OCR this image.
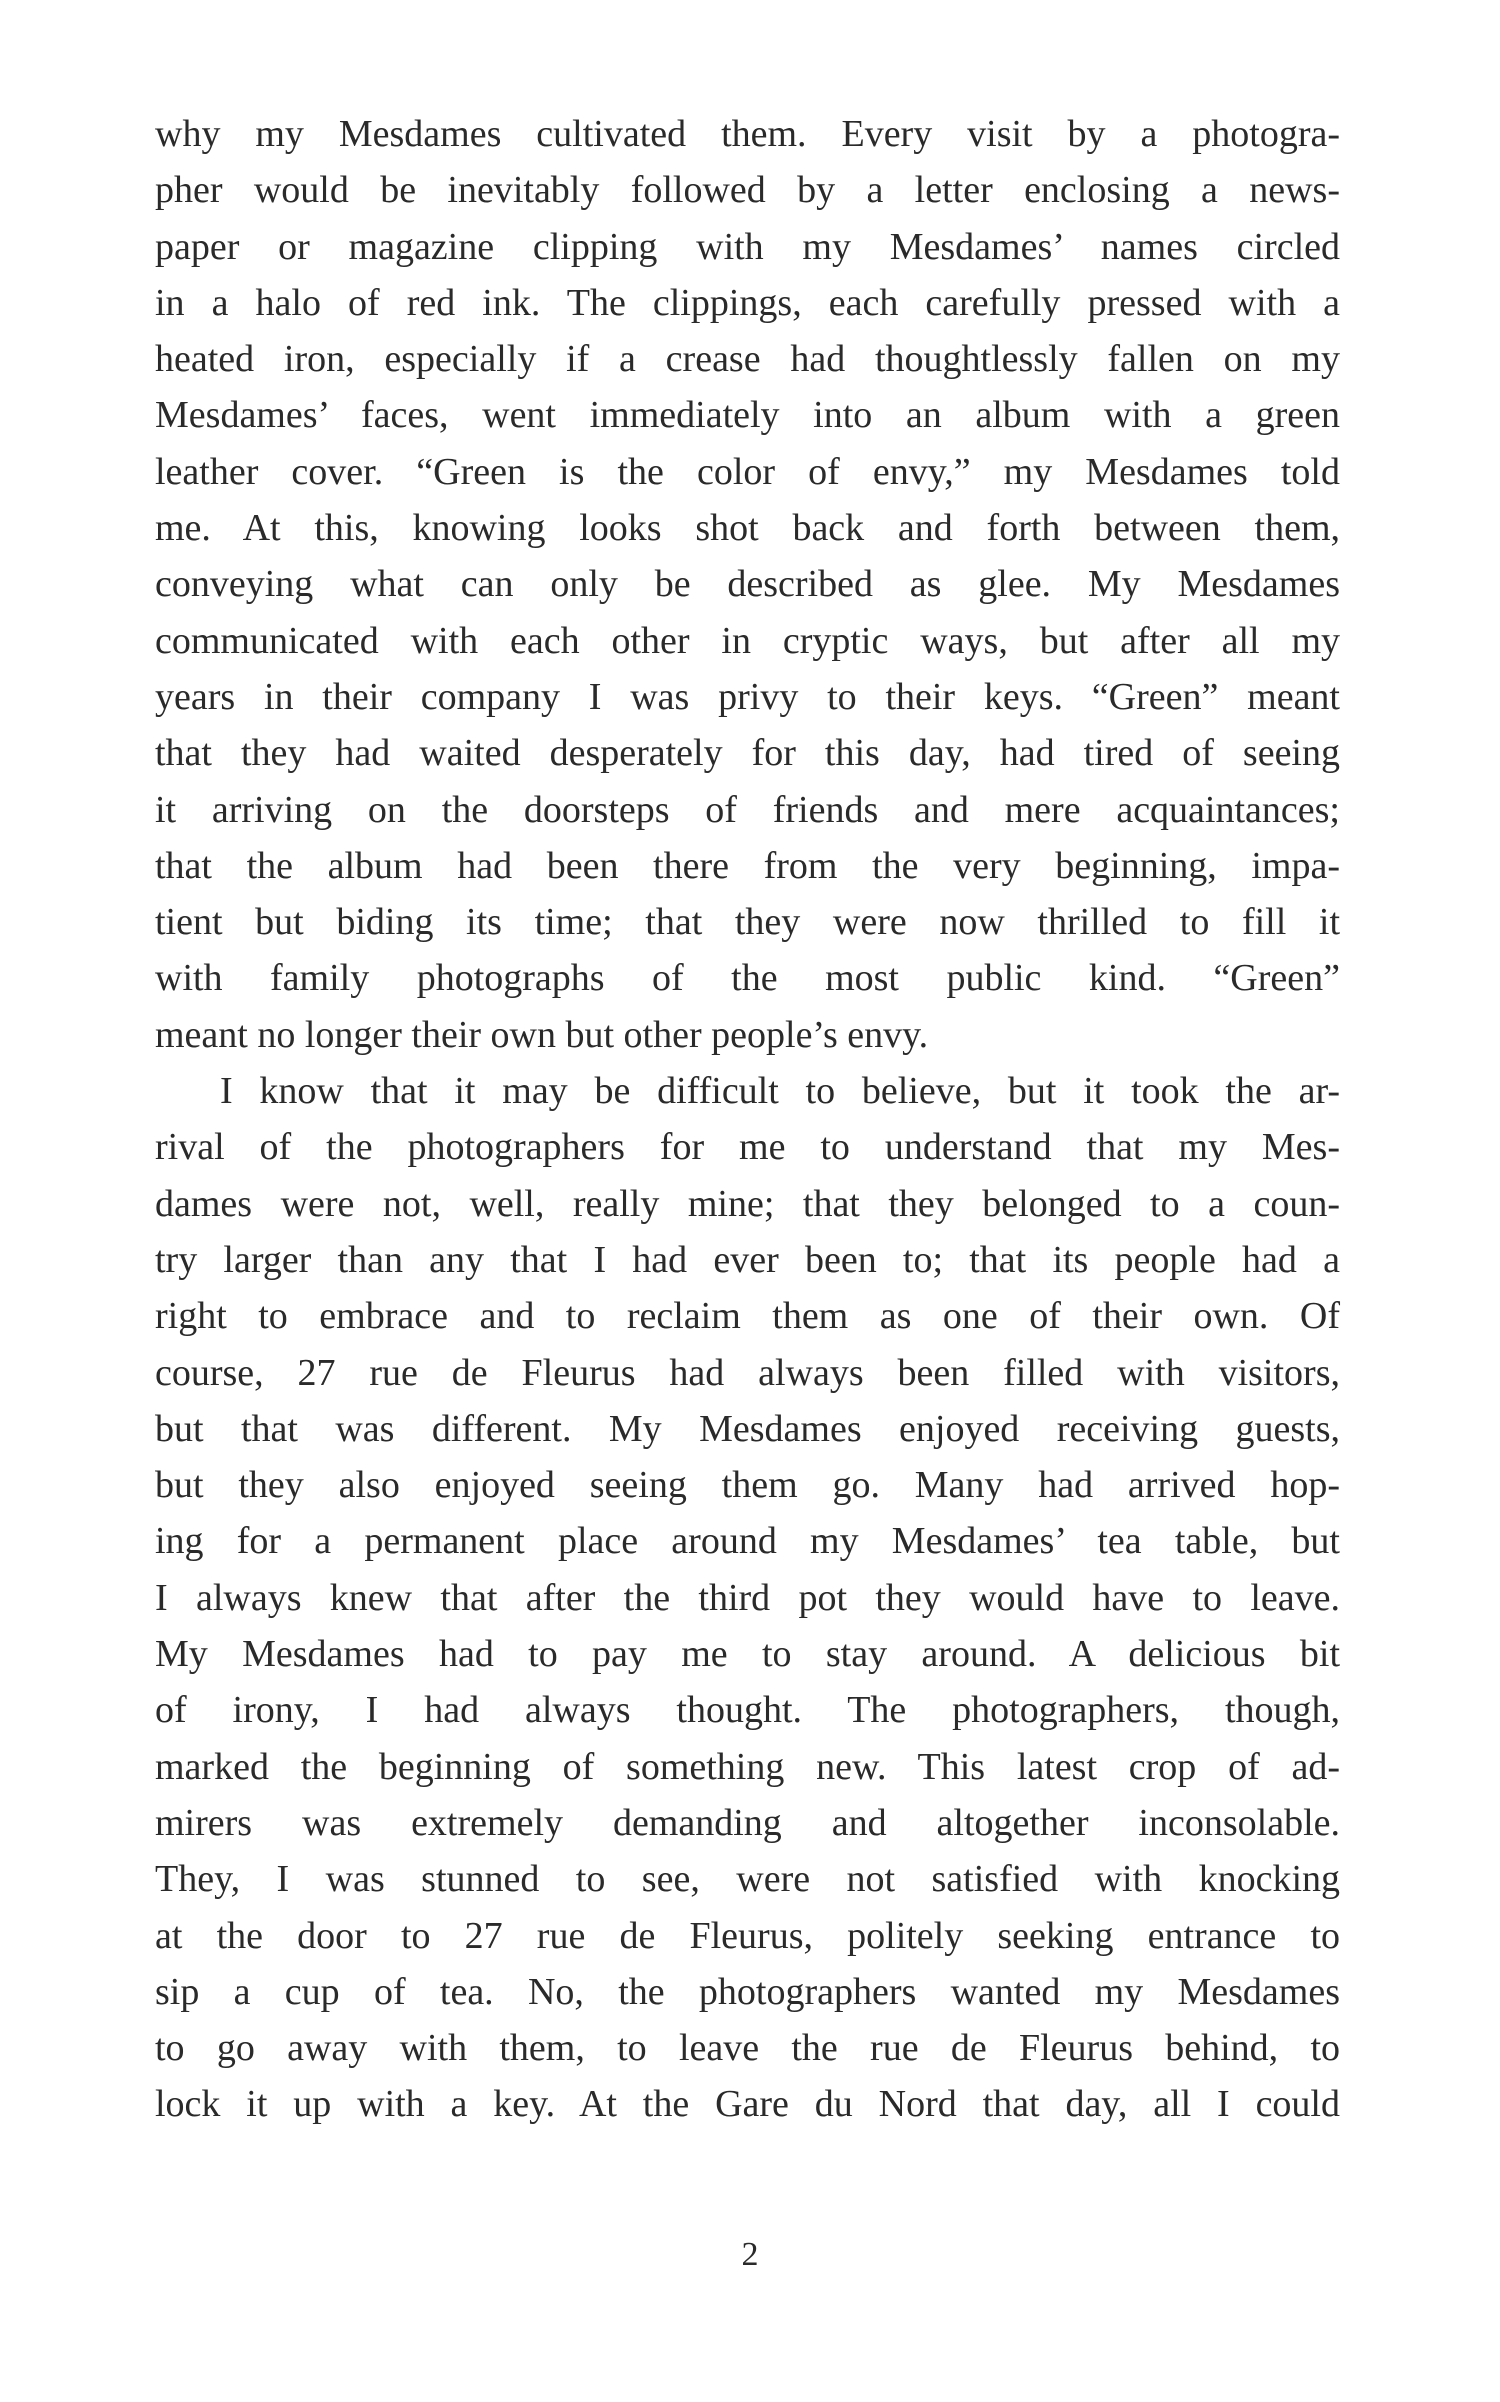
why my Mesdames cultivated them. Every visit by a photogra-
pher would be inevitably followed by a letter enclosing a news-
paper or magazine clipping with my Mesdames’ names circled
in a halo of red ink. The clippings, each carefully pressed with a
heated iron, especially if a crease had thoughtlessly fallen on my
Mesdames’ faces, went immediately into an album with a green
leather cover. “Green is the color of envy,” my Mesdames told
me. At this, knowing looks shot back and forth between them,
conveying what can only be described as glee. My Mesdames
communicated with each other in cryptic ways, but after all my
years in their company I was privy to their keys. “Green” meant
that they had waited desperately for this day, had tired of seeing
it arriving on the doorsteps of friends and mere acquaintances;
that the album had been there from the very beginning, impa-
tient but biding its time; that they were now thrilled to fill it
with family photographs of the most public kind. “Green”
meant no longer their own but other people’s envy.
I know that it may be difficult to believe, but it took the ar-
rival of the photographers for me to understand that my Mes-
dames were not, well, really mine; that they belonged to a coun-
try larger than any that I had ever been to; that its people had a
right to embrace and to reclaim them as one of their own. Of
course, 27 rue de Fleurus had always been filled with visitors,
but that was different. My Mesdames enjoyed receiving guests,
but they also enjoyed seeing them go. Many had arrived hop-
ing for a permanent place around my Mesdames’ tea table, but
I always knew that after the third pot they would have to leave.
My Mesdames had to pay me to stay around. A delicious bit
of irony, I had always thought. The photographers, though,
marked the beginning of something new. This latest crop of ad-
mirers was extremely demanding and altogether inconsolable.
They, I was stunned to see, were not satisfied with knocking
at the door to 27 rue de Fleurus, politely seeking entrance to
sip a cup of tea. No, the photographers wanted my Mesdames
to go away with them, to leave the rue de Fleurus behind, to
lock it up with a key. At the Gare du Nord that day, all I could
2
